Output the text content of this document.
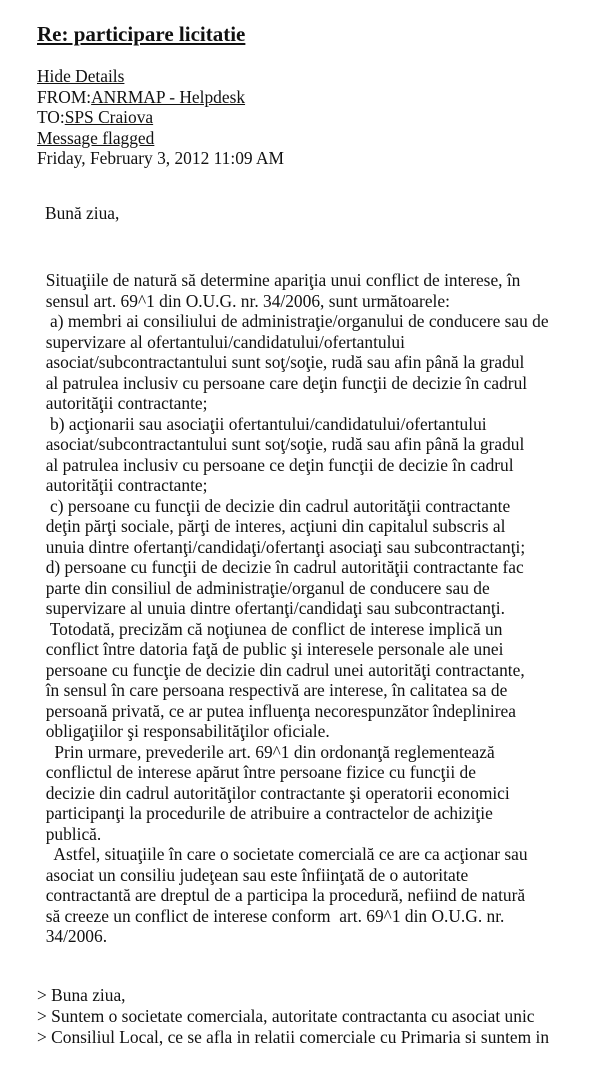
Re: participare licitatie
Hide Details
FROM:ANRMAP - Helpdesk
TO:SPS Craiova
Message flagged
Friday, February 3, 2012 11:09 AM
Bună ziua,
Situaţiile de natură să determine apariţia unui conflict de interese, în
sensul art. 69^1 din O.U.G. nr. 34/2006, sunt următoarele:
a) membri ai consiliului de administraţie/organului de conducere sau de
supervizare al ofertantului/candidatului/ofertantului
asociat/subcontractantului sunt soţ/soţie, rudă sau afin până la gradul
al patrulea inclusiv cu persoane care deţin funcţii de decizie în cadrul
autorităţii contractante;
b) acţionarii sau asociaţii ofertantului/candidatului/ofertantului
asociat/subcontractantului sunt soţ/soţie, rudă sau afin până la gradul
al patrulea inclusiv cu persoane ce deţin funcţii de decizie în cadrul
autorităţii contractante;
c) persoane cu funcţii de decizie din cadrul autorităţii contractante
deţin părţi sociale, părţi de interes, acţiuni din capitalul subscris al
unuia dintre ofertanţi/candidaţi/ofertanţi asociaţi sau subcontractanţi;
d) persoane cu funcţii de decizie în cadrul autorităţii contractante fac
parte din consiliul de administraţie/organul de conducere sau de
supervizare al unuia dintre ofertanţi/candidaţi sau subcontractanţi.
Totodată, precizăm că noţiunea de conflict de interese implică un
conflict între datoria faţă de public şi interesele personale ale unei
persoane cu funcţie de decizie din cadrul unei autorităţi contractante,
în sensul în care persoana respectivă are interese, în calitatea sa de
persoană privată, ce ar putea influenţa necorespunzător îndeplinirea
obligaţiilor şi responsabilităţilor oficiale.
Prin urmare, prevederile art. 69^1 din ordonanţă reglementează
conflictul de interese apărut între persoane fizice cu funcţii de
decizie din cadrul autorităţilor contractante şi operatorii economici
participanţi la procedurile de atribuire a contractelor de achiziţie
publică.
Astfel, situaţiile în care o societate comercială ce are ca acţionar sau
asociat un consiliu judeţean sau este înfiinţată de o autoritate
contractantă are dreptul de a participa la procedură, nefiind de natură
să creeze un conflict de interese conform  art. 69^1 din O.U.G. nr.
34/2006.
> Buna ziua,
> Suntem o societate comerciala, autoritate contractanta cu asociat unic
> Consiliul Local, ce se afla in relatii comerciale cu Primaria si suntem in
